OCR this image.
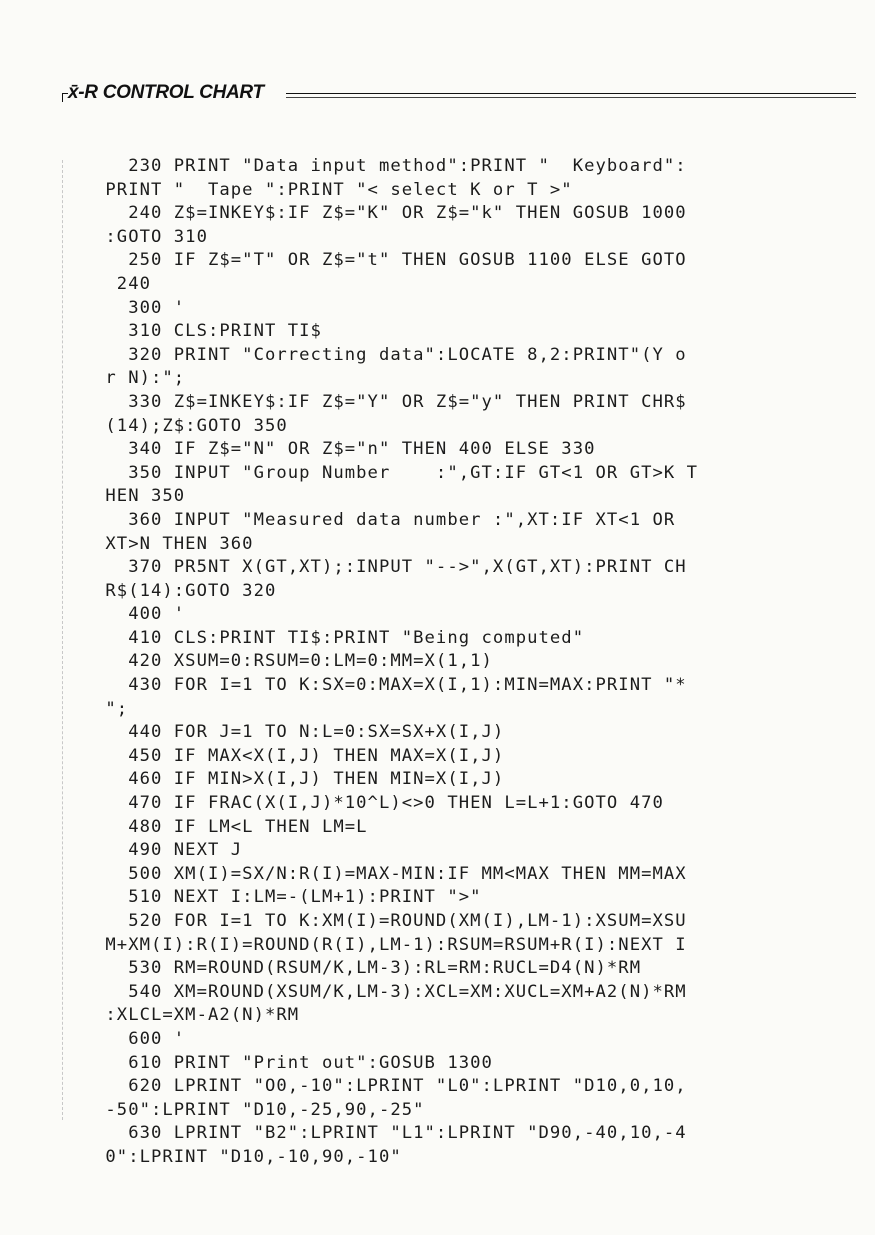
x̄-R CONTROL CHART
230 PRINT "Data input method":PRINT "  Keyboard":
PRINT "  Tape ":PRINT "< select K or T >"
240 Z$=INKEY$:IF Z$="K" OR Z$="k" THEN GOSUB 1000
:GOTO 310
250 IF Z$="T" OR Z$="t" THEN GOSUB 1100 ELSE GOTO
240
300 '
310 CLS:PRINT TI$
320 PRINT "Correcting data":LOCATE 8,2:PRINT"(Y o
r N):";
330 Z$=INKEY$:IF Z$="Y" OR Z$="y" THEN PRINT CHR$
(14);Z$:GOTO 350
340 IF Z$="N" OR Z$="n" THEN 400 ELSE 330
350 INPUT "Group Number    :",GT:IF GT<1 OR GT>K T
HEN 350
360 INPUT "Measured data number :",XT:IF XT<1 OR
XT>N THEN 360
370 PR5NT X(GT,XT);:INPUT "-->",X(GT,XT):PRINT CH
R$(14):GOTO 320
400 '
410 CLS:PRINT TI$:PRINT "Being computed"
420 XSUM=0:RSUM=0:LM=0:MM=X(1,1)
430 FOR I=1 TO K:SX=0:MAX=X(I,1):MIN=MAX:PRINT "*
";
440 FOR J=1 TO N:L=0:SX=SX+X(I,J)
450 IF MAX<X(I,J) THEN MAX=X(I,J)
460 IF MIN>X(I,J) THEN MIN=X(I,J)
470 IF FRAC(X(I,J)*10^L)<>0 THEN L=L+1:GOTO 470
480 IF LM<L THEN LM=L
490 NEXT J
500 XM(I)=SX/N:R(I)=MAX-MIN:IF MM<MAX THEN MM=MAX
510 NEXT I:LM=-(LM+1):PRINT ">"
520 FOR I=1 TO K:XM(I)=ROUND(XM(I),LM-1):XSUM=XSU
M+XM(I):R(I)=ROUND(R(I),LM-1):RSUM=RSUM+R(I):NEXT I
530 RM=ROUND(RSUM/K,LM-3):RL=RM:RUCL=D4(N)*RM
540 XM=ROUND(XSUM/K,LM-3):XCL=XM:XUCL=XM+A2(N)*RM
:XLCL=XM-A2(N)*RM
600 '
610 PRINT "Print out":GOSUB 1300
620 LPRINT "O0,-10":LPRINT "L0":LPRINT "D10,0,10,
-50":LPRINT "D10,-25,90,-25"
630 LPRINT "B2":LPRINT "L1":LPRINT "D90,-40,10,-4
0":LPRINT "D10,-10,90,-10"
